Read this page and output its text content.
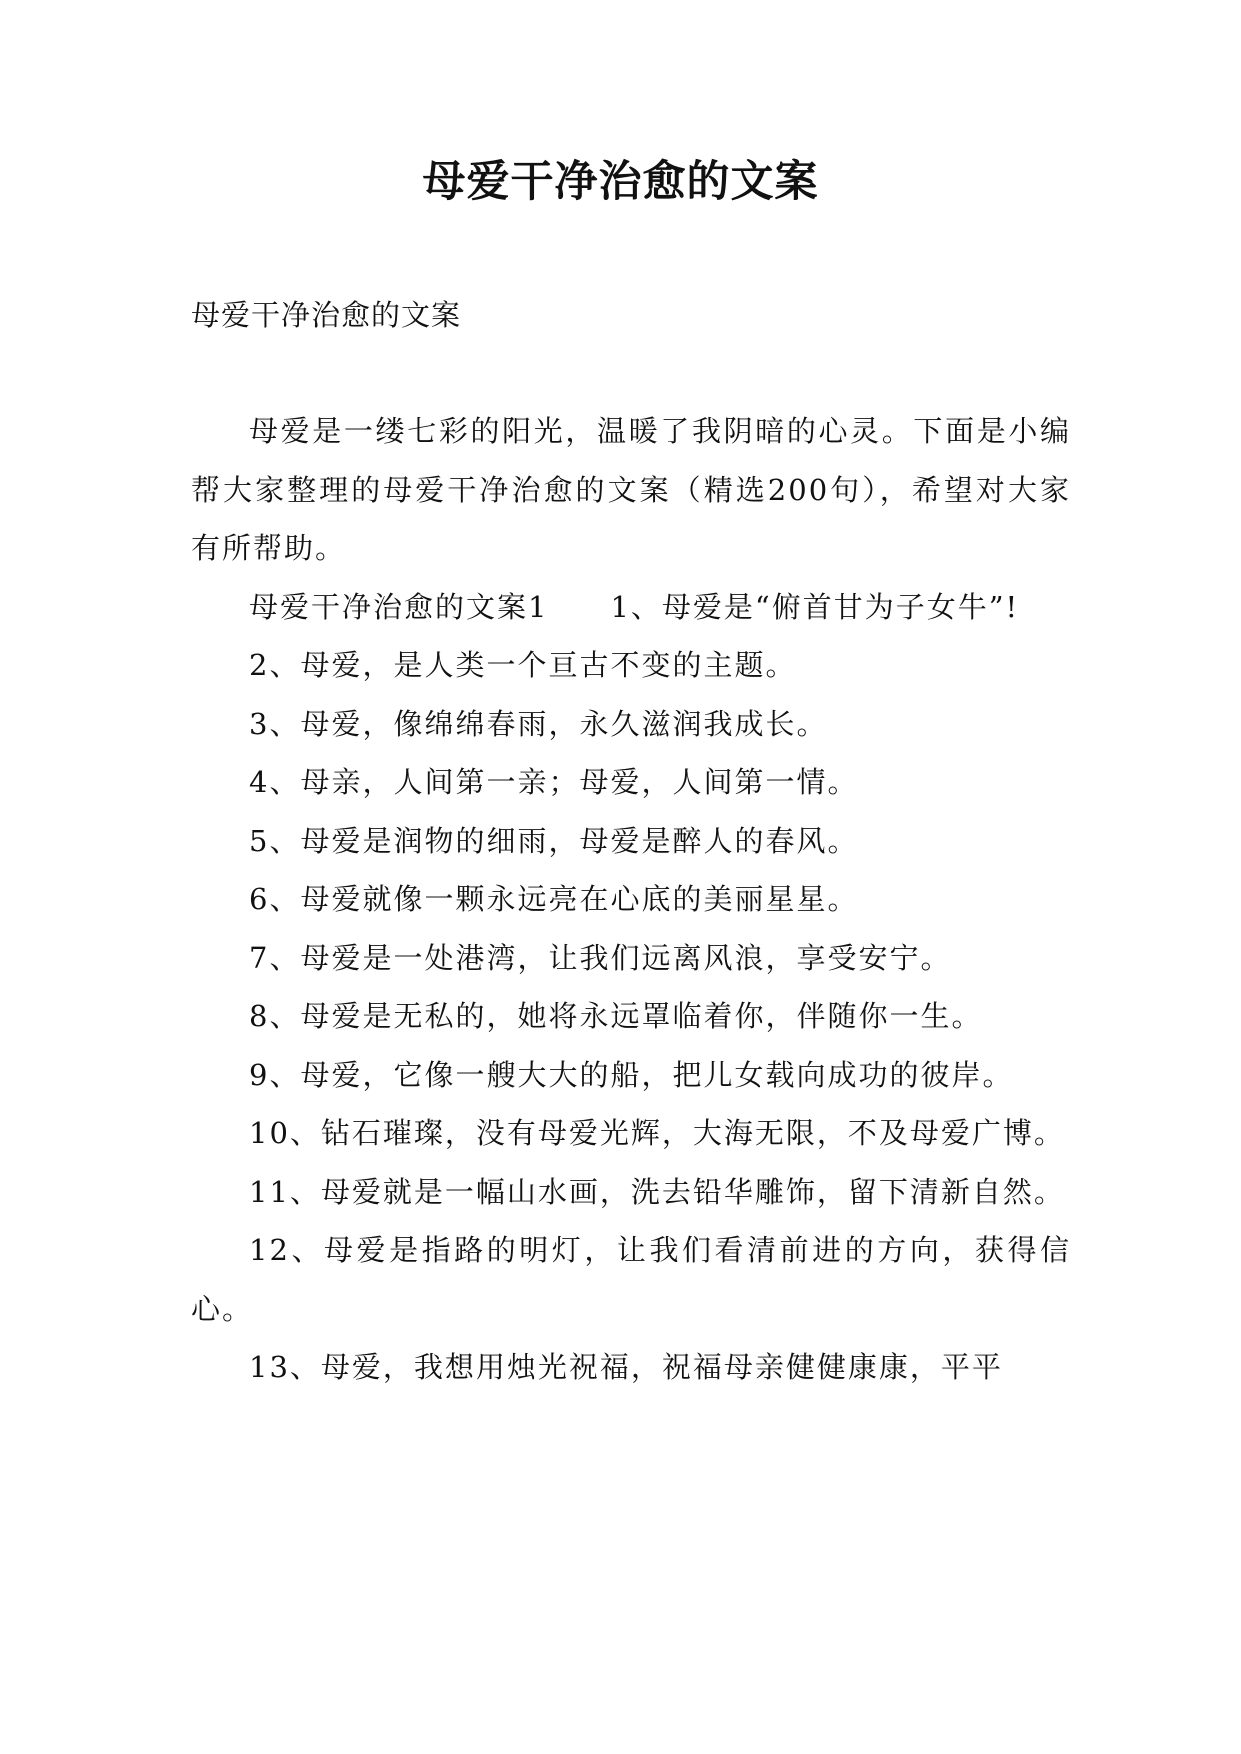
母爱干净治愈的文案
母爱干净治愈的文案

母爱是一缕七彩的阳光，温暖了我阴暗的心灵。下面是小编帮大家整理的母爱干净治愈的文案（精选200句），希望对大家有所帮助。

母爱干净治愈的文案1　　1、母爱是“俯首甘为子女牛”!

2、母爱，是人类一个亘古不变的主题。

3、母爱，像绵绵春雨，永久滋润我成长。

4、母亲，人间第一亲；母爱，人间第一情。

5、母爱是润物的细雨，母爱是醉人的春风。

6、母爱就像一颗永远亮在心底的美丽星星。

7、母爱是一处港湾，让我们远离风浪，享受安宁。

8、母爱是无私的，她将永远罩临着你，伴随你一生。

9、母爱，它像一艘大大的船，把儿女载向成功的彼岸。

10、钻石璀璨，没有母爱光辉，大海无限，不及母爱广博。

11、母爱就是一幅山水画，洗去铅华雕饰，留下清新自然。

12、母爱是指路的明灯，让我们看清前进的方向，获得信心。

13、母爱，我想用烛光祝福，祝福母亲健健康康，平平
